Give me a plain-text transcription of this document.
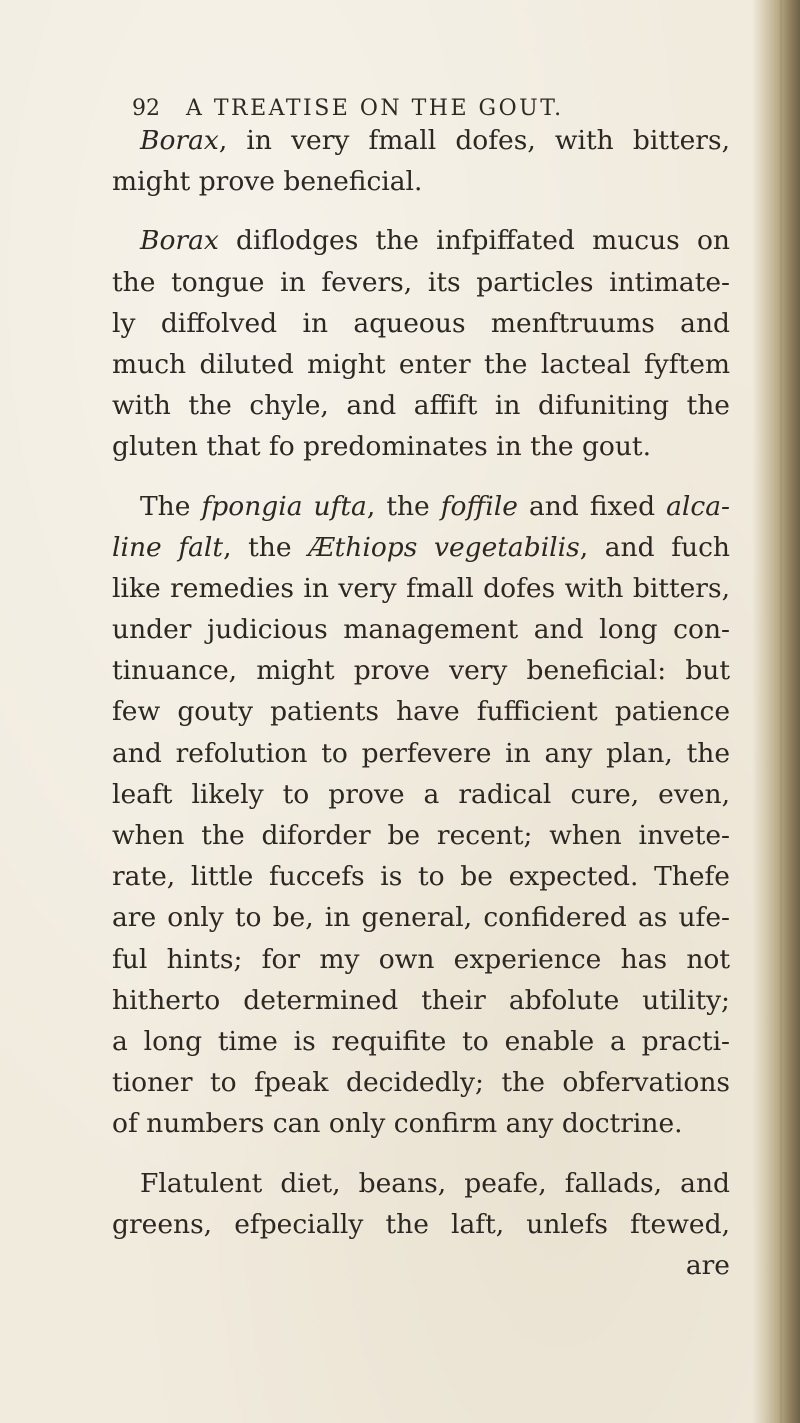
92 A TREATISE ON THE GOUT.
Borax, in very fmall dofes, with bitters,
might prove beneficial.
Borax diflodges the infpiffated mucus on
the tongue in fevers, its particles intimate-
ly diffolved in aqueous menftruums and
much diluted might enter the lacteal fyftem
with the chyle, and affift in difuniting the
gluten that fo predominates in the gout.
The fpongia ufta, the foffile and fixed alca-
line falt, the Æthiops vegetabilis, and fuch
like remedies in very fmall dofes with bitters,
under judicious management and long con-
tinuance, might prove very beneficial: but
few gouty patients have fufficient patience
and refolution to perfevere in any plan, the
leaft likely to prove a radical cure, even,
when the diforder be recent; when invete-
rate, little fuccefs is to be expected. Thefe
are only to be, in general, confidered as ufe-
ful hints; for my own experience has not
hitherto determined their abfolute utility;
a long time is requifite to enable a practi-
tioner to fpeak decidedly; the obfervations
of numbers can only confirm any doctrine.
Flatulent diet, beans, peafe, fallads, and
greens, efpecially the laft, unlefs ftewed,
are
